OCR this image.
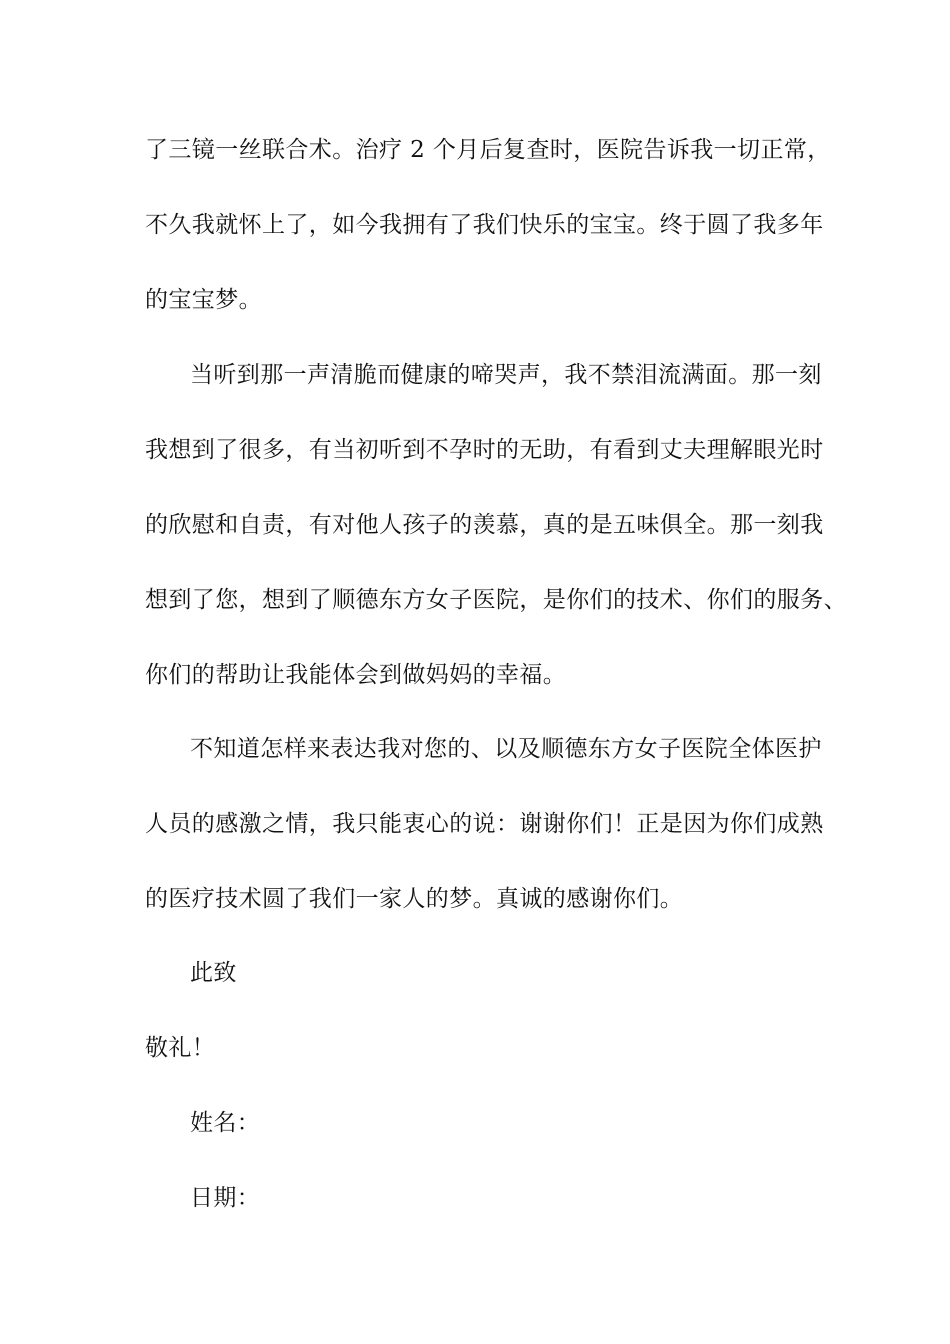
了三镜一丝联合术。治疗 2 个月后复查时，医院告诉我一切正常，
不久我就怀上了，如今我拥有了我们快乐的宝宝。终于圆了我多年
的宝宝梦。
当听到那一声清脆而健康的啼哭声，我不禁泪流满面。那一刻
我想到了很多，有当初听到不孕时的无助，有看到丈夫理解眼光时
的欣慰和自责，有对他人孩子的羡慕，真的是五味俱全。那一刻我
想到了您，想到了顺德东方女子医院，是你们的技术、你们的服务、
你们的帮助让我能体会到做妈妈的幸福。
不知道怎样来表达我对您的、以及顺德东方女子医院全体医护
人员的感激之情，我只能衷心的说：谢谢你们！正是因为你们成熟
的医疗技术圆了我们一家人的梦。真诚的感谢你们。
此致
敬礼！
姓名：
日期：
